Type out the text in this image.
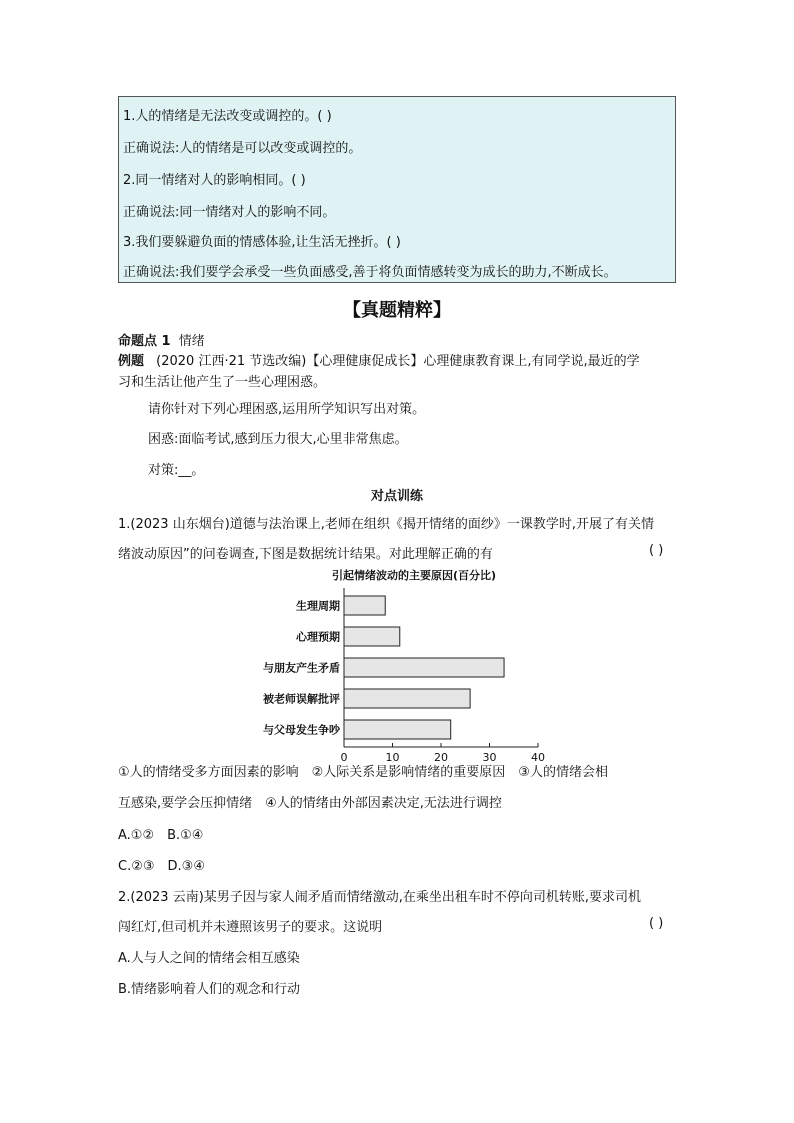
1.人的情绪是无法改变或调控的。( )

正确说法:人的情绪是可以改变或调控的。

2.同一情绪对人的影响相同。( )

正确说法:同一情绪对人的影响不同。

3.我们要躲避负面的情感体验,让生活无挫折。( )

正确说法:我们要学会承受一些负面感受,善于将负面情感转变为成长的助力,不断成长。

【真题精粹】
命题点 1 情绪
例题 (2020 江西·21 节选改编)【心理健康促成长】心理健康教育课上,有同学说,最近的学
习和生活让他产生了一些心理困惑。
请你针对下列心理困惑,运用所学知识写出对策。
困惑:面临考试,感到压力很大,心里非常焦虑。
对策:__。
对点训练
1.(2023 山东烟台)道德与法治课上,老师在组织《揭开情绪的面纱》一课教学时,开展了有关情
绪波动原因”的问卷调查,下图是数据统计结果。对此理解正确的有	( )
引起情绪波动的主要原因(百分比)
生理周期
心理预期
与朋友产生矛盾
被老师误解批评
与父母发生争吵
0	10	20	30	40
①人的情绪受多方面因素的影响　②人际关系是影响情绪的重要原因　③人的情绪会相
互感染,要学会压抑情绪　④人的情绪由外部因素决定,无法进行调控
A.①②　B.①④
C.②③　D.③④
2.(2023 云南)某男子因与家人闹矛盾而情绪激动,在乘坐出租车时不停向司机转账,要求司机
闯红灯,但司机并未遵照该男子的要求。这说明	( )
A.人与人之间的情绪会相互感染
B.情绪影响着人们的观念和行动
